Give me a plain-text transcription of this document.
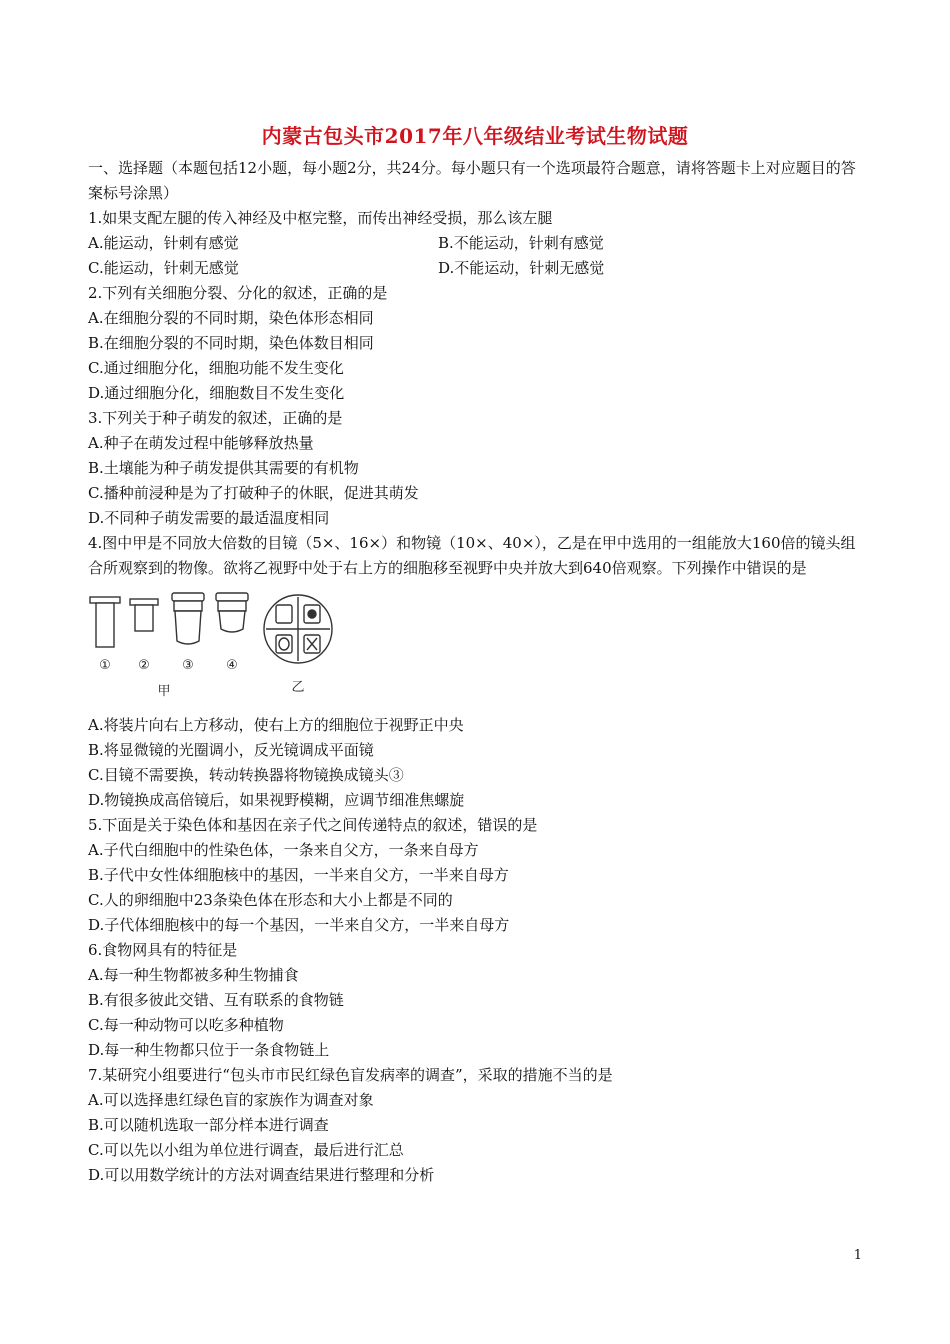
内蒙古包头市2017年八年级结业考试生物试题
一、选择题（本题包括12小题，每小题2分，共24分。每小题只有一个选项最符合题意，请将答题卡上对应题目的答案标号涂黑）
1.如果支配左腿的传入神经及中枢完整，而传出神经受损，那么该左腿
A.能运动，针刺有感觉	B.不能运动，针刺有感觉
C.能运动，针刺无感觉	D.不能运动，针刺无感觉
2.下列有关细胞分裂、分化的叙述，正确的是
A.在细胞分裂的不同时期，染色体形态相同
B.在细胞分裂的不同时期，染色体数目相同
C.通过细胞分化，细胞功能不发生变化
D.通过细胞分化，细胞数目不发生变化
3.下列关于种子萌发的叙述，正确的是
A.种子在萌发过程中能够释放热量
B.土壤能为种子萌发提供其需要的有机物
C.播种前浸种是为了打破种子的休眠，促进其萌发
D.不同种子萌发需要的最适温度相同
4.图中甲是不同放大倍数的目镜（5×、16×）和物镜（10×、40×），乙是在甲中选用的一组能放大160倍的镜头组合所观察到的物像。欲将乙视野中处于右上方的细胞移至视野中央并放大到640倍观察。下列操作中错误的是
① ② ③ ④
甲	乙
A.将装片向右上方移动，使右上方的细胞位于视野正中央
B.将显微镜的光圈调小，反光镜调成平面镜
C.目镜不需要换，转动转换器将物镜换成镜头③
D.物镜换成高倍镜后，如果视野模糊，应调节细准焦螺旋
5.下面是关于染色体和基因在亲子代之间传递特点的叙述，错误的是
A.子代白细胞中的性染色体，一条来自父方，一条来自母方
B.子代中女性体细胞核中的基因，一半来自父方，一半来自母方
C.人的卵细胞中23条染色体在形态和大小上都是不同的
D.子代体细胞核中的每一个基因，一半来自父方，一半来自母方
6.食物网具有的特征是
A.每一种生物都被多种生物捕食
B.有很多彼此交错、互有联系的食物链
C.每一种动物可以吃多种植物
D.每一种生物都只位于一条食物链上
7.某研究小组要进行“包头市市民红绿色盲发病率的调查”，采取的措施不当的是
A.可以选择患红绿色盲的家族作为调查对象
B.可以随机选取一部分样本进行调查
C.可以先以小组为单位进行调查，最后进行汇总
D.可以用数学统计的方法对调查结果进行整理和分析
1
